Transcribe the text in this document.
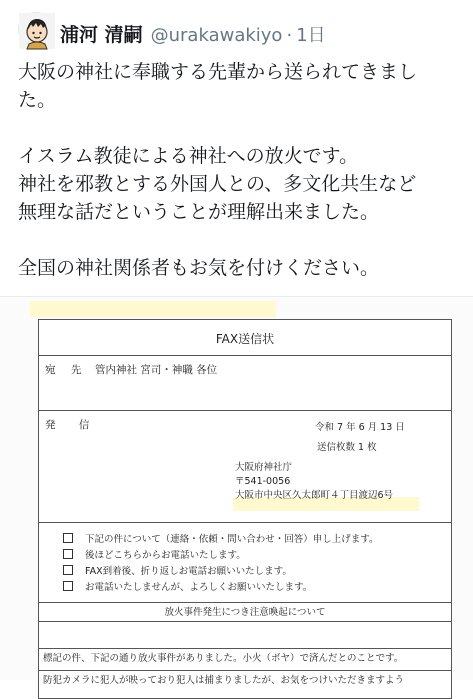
浦河 清嗣 @urakawakiyo · 1日

大阪の神社に奉職する先輩から送られてきまし

た。

イスラム教徒による神社への放火です。

神社を邪教とする外国人との、多文化共生など

無理な話だということが理解出来ました。

全国の神社関係者もお気を付けください。

FAX送信状
宛 先 管内神社 宮司・神職 各位
発 信	令和 7 年 6 月 13 日
送信枚数 1 枚
大阪府神社庁
〒541-0056
大阪市中央区久太郎町４丁目渡辺6号
下記の件について（連絡・依頼・問い合わせ・回答）申し上げます。
後ほどこちらからお電話いたします。
FAX到着後、折り返しお電話お願いいたします。
お電話いたしませんが、よろしくお願いいたします。
放火事件発生につき注意喚起について
標記の件、下記の通り放火事件がありました。小火（ボヤ）で済んだとのことです。
防犯カメラに犯人が映っており犯人は捕まりましたが、お気をつけいただきますよう
